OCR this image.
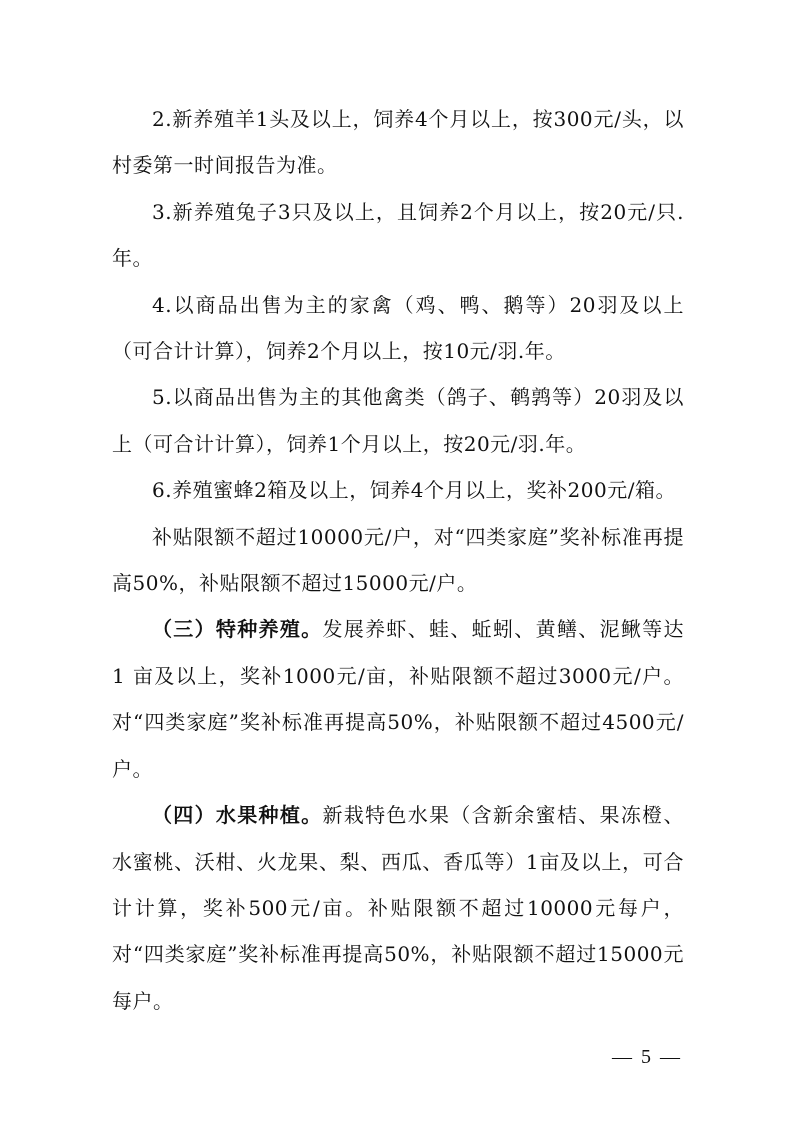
2.新养殖羊1头及以上，饲养4个月以上，按300元/头，以村委第一时间报告为准。

3.新养殖兔子3只及以上，且饲养2个月以上，按20元/只.年。

4.以商品出售为主的家禽（鸡、鸭、鹅等）20羽及以上（可合计计算），饲养2个月以上，按10元/羽.年。

5.以商品出售为主的其他禽类（鸽子、鹌鹑等）20羽及以上（可合计计算），饲养1个月以上，按20元/羽.年。

6.养殖蜜蜂2箱及以上，饲养4个月以上，奖补200元/箱。

补贴限额不超过10000元/户，对“四类家庭”奖补标准再提高50%，补贴限额不超过15000元/户。

（三）特种养殖。发展养虾、蛙、蚯蚓、黄鳝、泥鳅等达 1 亩及以上，奖补1000元/亩，补贴限额不超过3000元/户。对“四类家庭”奖补标准再提高50%，补贴限额不超过4500元/户。

（四）水果种植。新栽特色水果（含新余蜜桔、果冻橙、水蜜桃、沃柑、火龙果、梨、西瓜、香瓜等）1亩及以上，可合计计算，奖补500元/亩。补贴限额不超过10000元每户，对“四类家庭”奖补标准再提高50%，补贴限额不超过15000元每户。

— 5 —
